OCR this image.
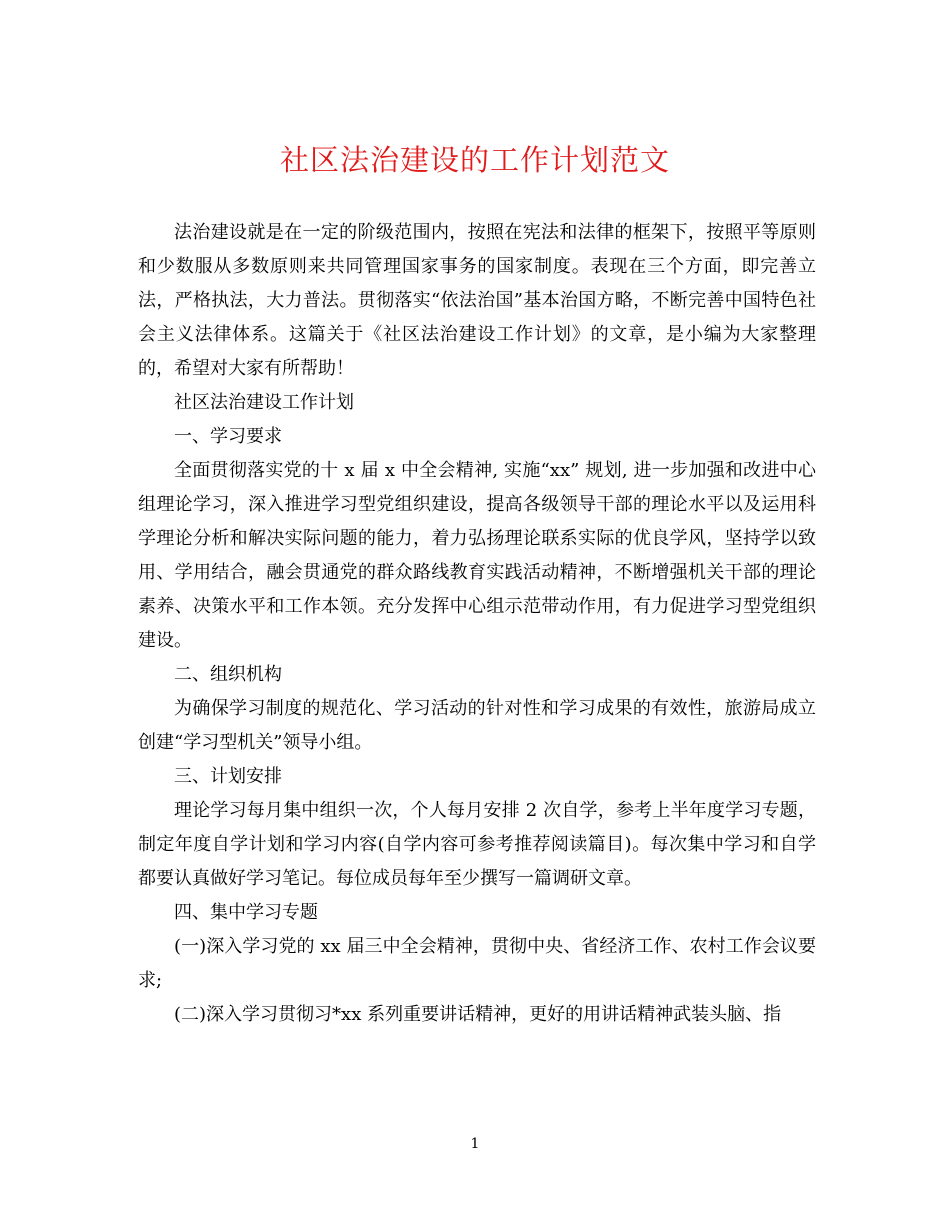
社区法治建设的工作计划范文

法治建设就是在一定的阶级范围内，按照在宪法和法律的框架下，按照平等原则和少数服从多数原则来共同管理国家事务的国家制度。表现在三个方面，即完善立法，严格执法，大力普法。贯彻落实“依法治国”基本治国方略，不断完善中国特色社会主义法律体系。这篇关于《社区法治建设工作计划》的文章，是小编为大家整理的，希望对大家有所帮助！

社区法治建设工作计划

一、学习要求

全面贯彻落实党的十 x 届 x 中全会精神, 实施“xx” 规划, 进一步加强和改进中心组理论学习，深入推进学习型党组织建设，提高各级领导干部的理论水平以及运用科学理论分析和解决实际问题的能力，着力弘扬理论联系实际的优良学风，坚持学以致用、学用结合，融会贯通党的群众路线教育实践活动精神，不断增强机关干部的理论素养、决策水平和工作本领。充分发挥中心组示范带动作用，有力促进学习型党组织建设。

二、组织机构

为确保学习制度的规范化、学习活动的针对性和学习成果的有效性，旅游局成立创建“学习型机关”领导小组。

三、计划安排

理论学习每月集中组织一次，个人每月安排 2 次自学，参考上半年度学习专题，制定年度自学计划和学习内容(自学内容可参考推荐阅读篇目)。每次集中学习和自学都要认真做好学习笔记。每位成员每年至少撰写一篇调研文章。

四、集中学习专题

(一)深入学习党的 xx 届三中全会精神，贯彻中央、省经济工作、农村工作会议要求;

(二)深入学习贯彻习*xx 系列重要讲话精神，更好的用讲话精神武装头脑、指

1
